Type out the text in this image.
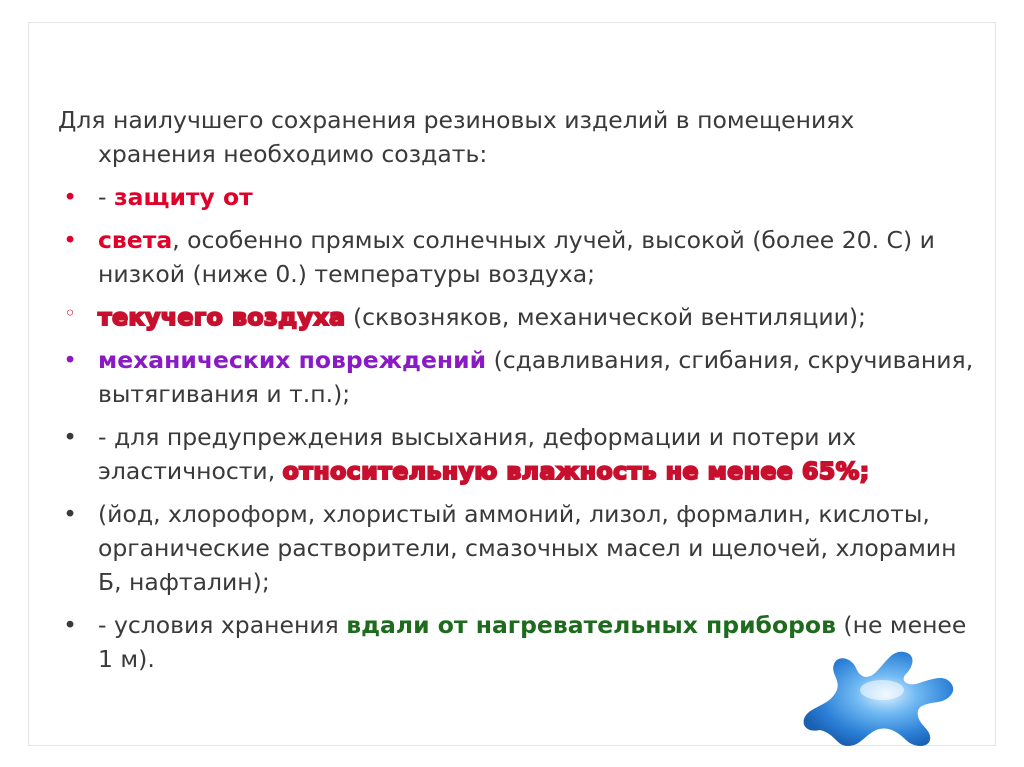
Для наилучшего сохранения резиновых изделий в помещениях хранения необходимо создать:

• - защиту от

• света, особенно прямых солнечных лучей, высокой (более 20. С) и низкой (ниже 0.) температуры воздуха;

◦ текучего воздуха (сквозняков, механической вентиляции);

• механических повреждений (сдавливания, сгибания, скручивания, вытягивания и т.п.);

• - для предупреждения высыхания, деформации и потери их эластичности, относительную влажность не менее 65%;

• (йод, хлороформ, хлористый аммоний, лизол, формалин, кислоты, органические растворители, смазочных масел и щелочей, хлорамин Б, нафталин);

• - условия хранения вдали от нагревательных приборов (не менее 1 м).
